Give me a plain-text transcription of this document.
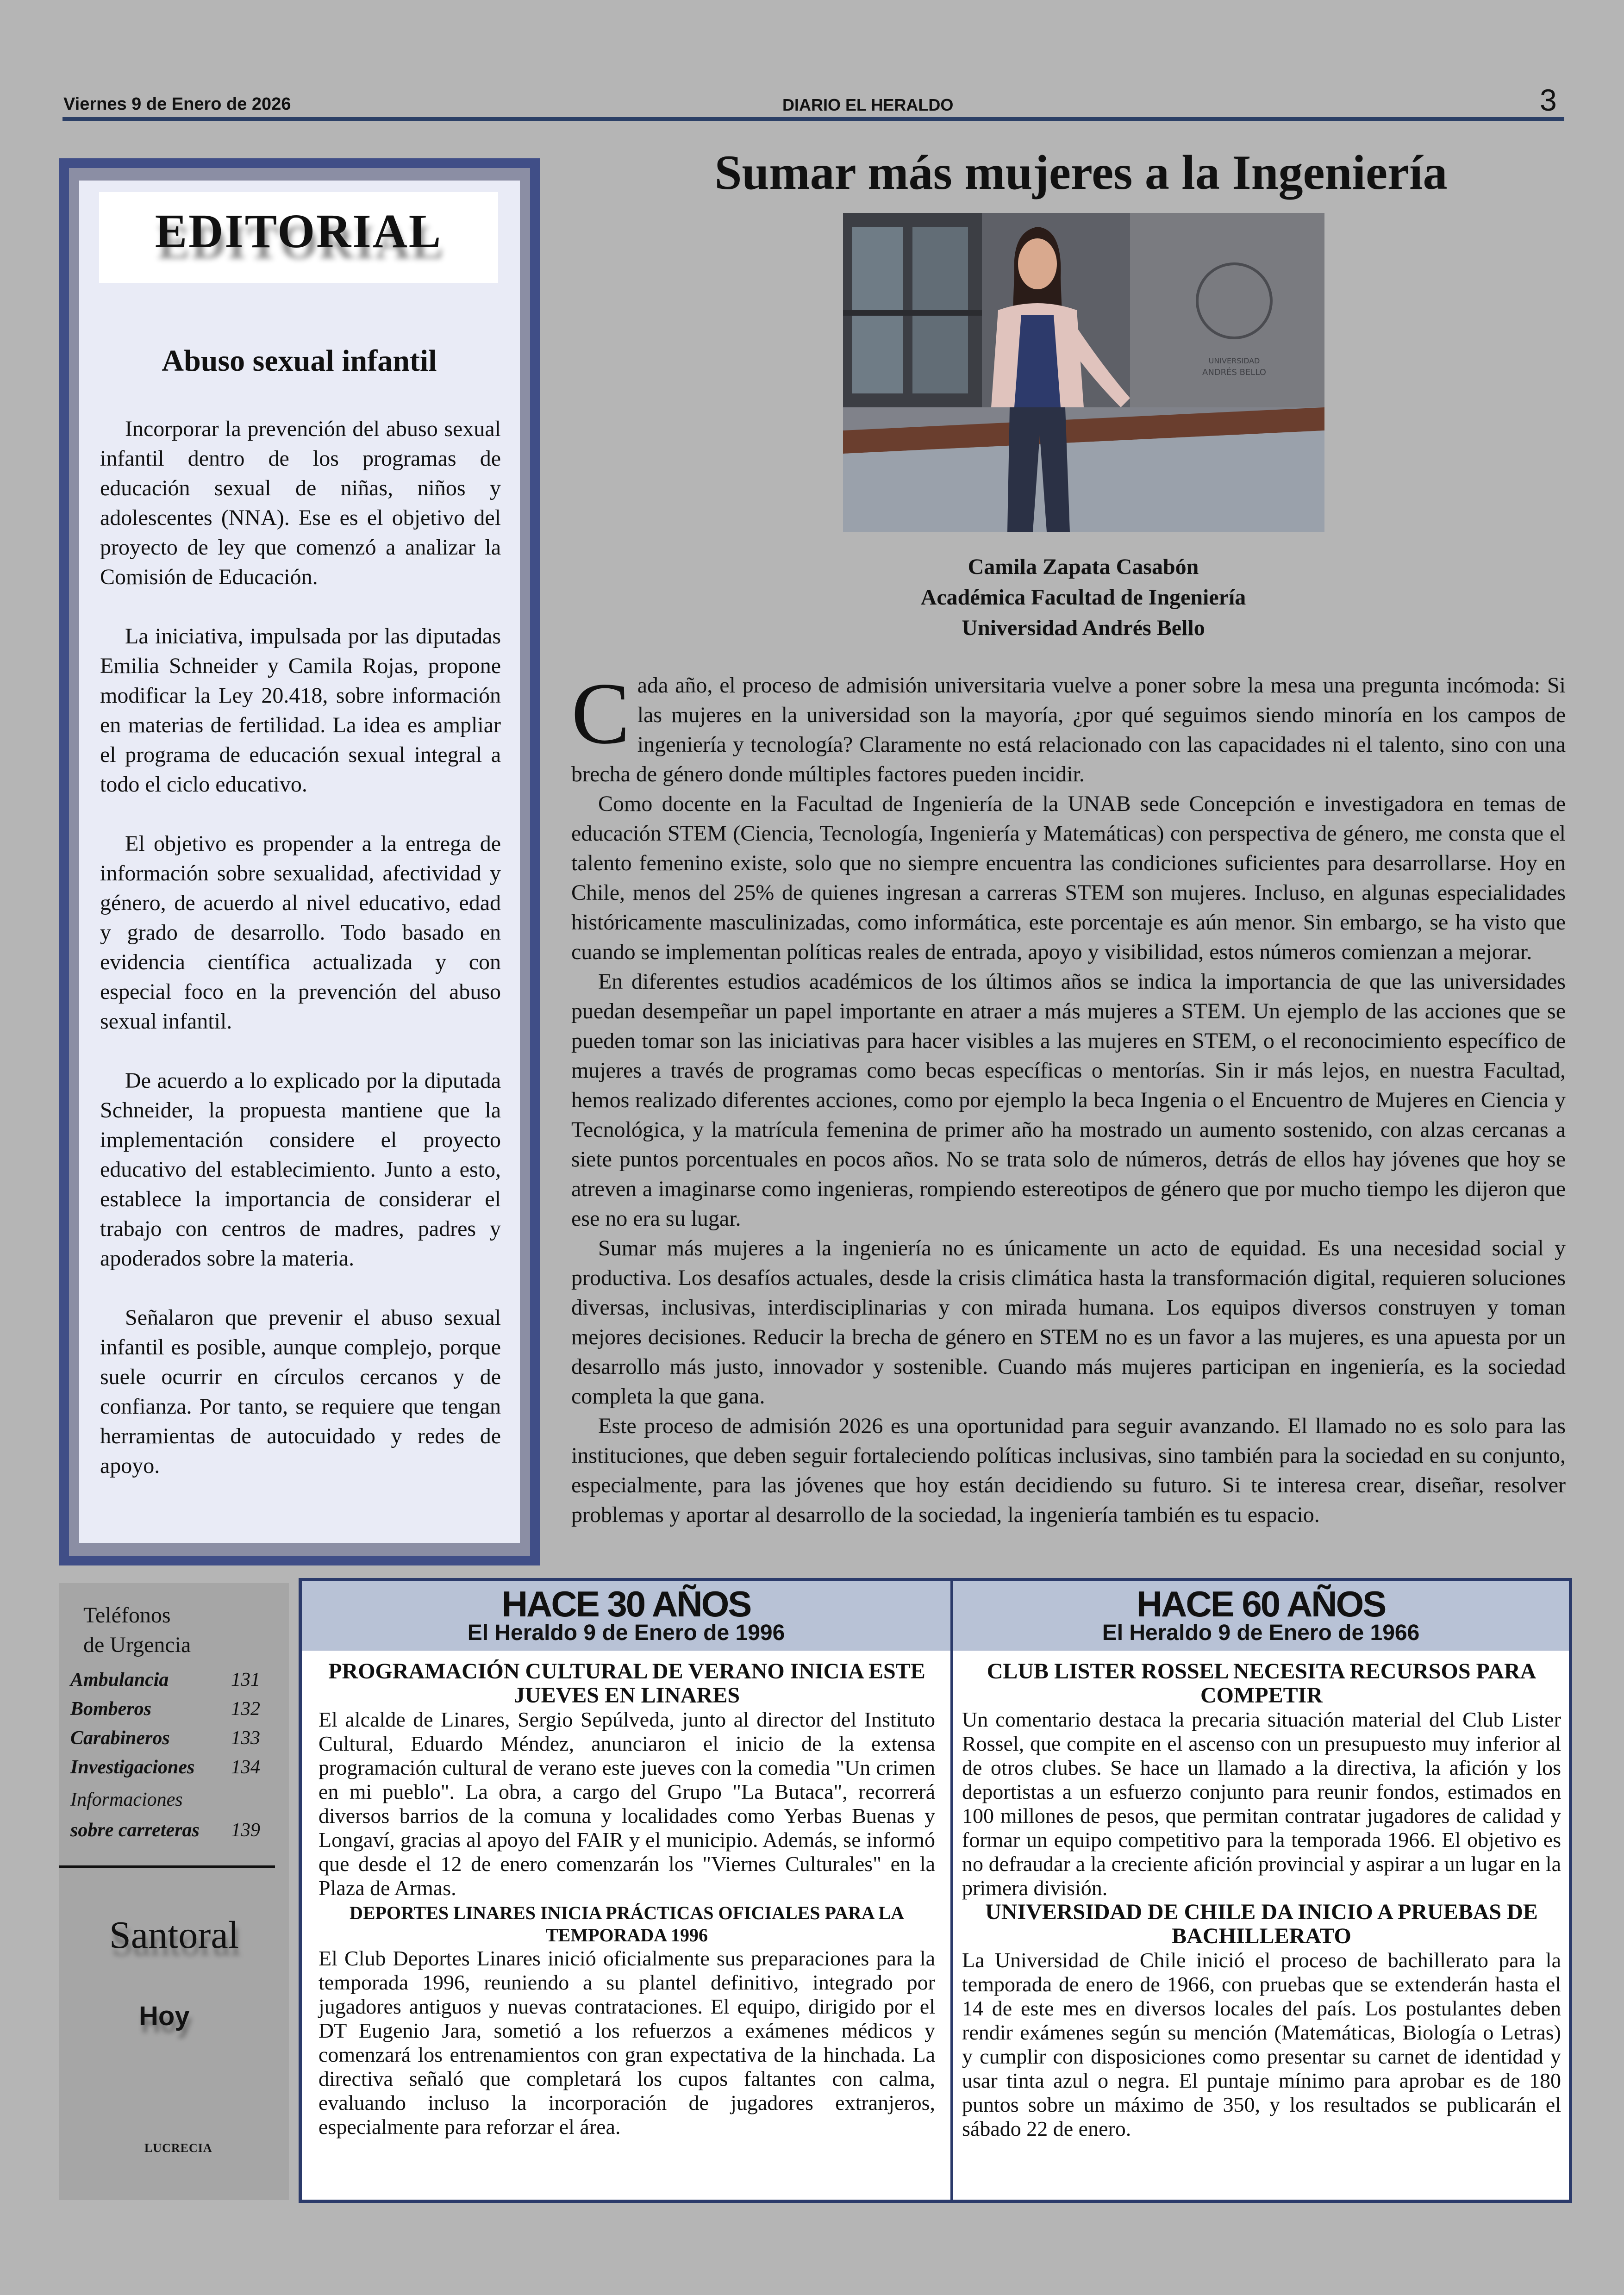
Viernes 9 de Enero de 2026	DIARIO EL HERALDO	3
EDITORIAL
Abuso sexual infantil

Incorporar la prevención del abuso sexual infantil dentro de los programas de educación sexual de niñas, niños y adolescentes (NNA). Ese es el objetivo del proyecto de ley que comenzó a analizar la Comisión de Educación.

La iniciativa, impulsada por las diputadas Emilia Schneider y Camila Rojas, propone modificar la Ley 20.418, sobre información en materias de fertilidad. La idea es ampliar el programa de educación sexual integral a todo el ciclo educativo.

El objetivo es propender a la entrega de información sobre sexualidad, afectividad y género, de acuerdo al nivel educativo, edad y grado de desarrollo. Todo basado en evidencia científica actualizada y con especial foco en la prevención del abuso sexual infantil.

De acuerdo a lo explicado por la diputada Schneider, la propuesta mantiene que la implementación considere el proyecto educativo del establecimiento. Junto a esto, establece la importancia de considerar el trabajo con centros de madres, padres y apoderados sobre la materia.

Señalaron que prevenir el abuso sexual infantil es posible, aunque complejo, porque suele ocurrir en círculos cercanos y de confianza. Por tanto, se requiere que tengan herramientas de autocuidado y redes de apoyo.

Sumar más mujeres a la Ingeniería
UNIVERSIDAD
ANDRÉS BELLO
Camila Zapata Casabón
Académica Facultad de Ingeniería
Universidad Andrés Bello

Cada año, el proceso de admisión universitaria vuelve a poner sobre la mesa una pregunta incómoda: Si las mujeres en la universidad son la mayoría, ¿por qué seguimos siendo minoría en los campos de ingeniería y tecnología? Claramente no está relacionado con las capacidades ni el talento, sino con una brecha de género donde múltiples factores pueden incidir.

Como docente en la Facultad de Ingeniería de la UNAB sede Concepción e investigadora en temas de educación STEM (Ciencia, Tecnología, Ingeniería y Matemáticas) con perspectiva de género, me consta que el talento femenino existe, solo que no siempre encuentra las condiciones suficientes para desarrollarse. Hoy en Chile, menos del 25% de quienes ingresan a carreras STEM son mujeres. Incluso, en algunas especialidades históricamente masculinizadas, como informática, este porcentaje es aún menor. Sin embargo, se ha visto que cuando se implementan políticas reales de entrada, apoyo y visibilidad, estos números comienzan a mejorar.

En diferentes estudios académicos de los últimos años se indica la importancia de que las universidades puedan desempeñar un papel importante en atraer a más mujeres a STEM. Un ejemplo de las acciones que se pueden tomar son las iniciativas para hacer visibles a las mujeres en STEM, o el reconocimiento específico de mujeres a través de programas como becas específicas o mentorías. Sin ir más lejos, en nuestra Facultad, hemos realizado diferentes acciones, como por ejemplo la beca Ingenia o el Encuentro de Mujeres en Ciencia y Tecnológica, y la matrícula femenina de primer año ha mostrado un aumento sostenido, con alzas cercanas a siete puntos porcentuales en pocos años. No se trata solo de números, detrás de ellos hay jóvenes que hoy se atreven a imaginarse como ingenieras, rompiendo estereotipos de género que por mucho tiempo les dijeron que ese no era su lugar.

Sumar más mujeres a la ingeniería no es únicamente un acto de equidad. Es una necesidad social y productiva. Los desafíos actuales, desde la crisis climática hasta la transformación digital, requieren soluciones diversas, inclusivas, interdisciplinarias y con mirada humana. Los equipos diversos construyen y toman mejores decisiones. Reducir la brecha de género en STEM no es un favor a las mujeres, es una apuesta por un desarrollo más justo, innovador y sostenible. Cuando más mujeres participan en ingeniería, es la sociedad completa la que gana.

Este proceso de admisión 2026 es una oportunidad para seguir avanzando. El llamado no es solo para las instituciones, que deben seguir fortaleciendo políticas inclusivas, sino también para la sociedad en su conjunto, especialmente, para las jóvenes que hoy están decidiendo su futuro. Si te interesa crear, diseñar, resolver problemas y aportar al desarrollo de la sociedad, la ingeniería también es tu espacio.

Teléfonos
de Urgencia
Ambulancia	131
Bomberos	132
Carabineros	133
Investigaciones 134
Informaciones
sobre carreteras 139
Santoral
Hoy
LUCRECIA
HACE 30 AÑOS
El Heraldo 9 de Enero de 1996
HACE 60 AÑOS
El Heraldo 9 de Enero de 1966
PROGRAMACIÓN CULTURAL DE VERANO INICIA ESTE JUEVES EN LINARES

El alcalde de Linares, Sergio Sepúlveda, junto al director del Instituto Cultural, Eduardo Méndez, anunciaron el inicio de la extensa programación cultural de verano este jueves con la comedia "Un crimen en mi pueblo". La obra, a cargo del Grupo "La Butaca", recorrerá diversos barrios de la comuna y localidades como Yerbas Buenas y Longaví, gracias al apoyo del FAIR y el municipio. Además, se informó que desde el 12 de enero comenzarán los "Viernes Culturales" en la Plaza de Armas.

DEPORTES LINARES INICIA PRÁCTICAS OFICIALES PARA LA TEMPORADA 1996

El Club Deportes Linares inició oficialmente sus preparaciones para la temporada 1996, reuniendo a su plantel definitivo, integrado por jugadores antiguos y nuevas contrataciones. El equipo, dirigido por el DT Eugenio Jara, sometió a los refuerzos a exámenes médicos y comenzará los entrenamientos con gran expectativa de la hinchada. La directiva señaló que completará los cupos faltantes con calma, evaluando incluso la incorporación de jugadores extranjeros, especialmente para reforzar el área.

CLUB LISTER ROSSEL NECESITA RECURSOS PARA COMPETIR

Un comentario destaca la precaria situación material del Club Lister Rossel, que compite en el ascenso con un presupuesto muy inferior al de otros clubes. Se hace un llamado a la directiva, la afición y los deportistas a un esfuerzo conjunto para reunir fondos, estimados en 100 millones de pesos, que permitan contratar jugadores de calidad y formar un equipo competitivo para la temporada 1966. El objetivo es no defraudar a la creciente afición provincial y aspirar a un lugar en la primera división.

UNIVERSIDAD DE CHILE DA INICIO A PRUEBAS DE BACHILLERATO

La Universidad de Chile inició el proceso de bachillerato para la temporada de enero de 1966, con pruebas que se extenderán hasta el 14 de este mes en diversos locales del país. Los postulantes deben rendir exámenes según su mención (Matemáticas, Biología o Letras) y cumplir con disposiciones como presentar su carnet de identidad y usar tinta azul o negra. El puntaje mínimo para aprobar es de 180 puntos sobre un máximo de 350, y los resultados se publicarán el sábado 22 de enero.
